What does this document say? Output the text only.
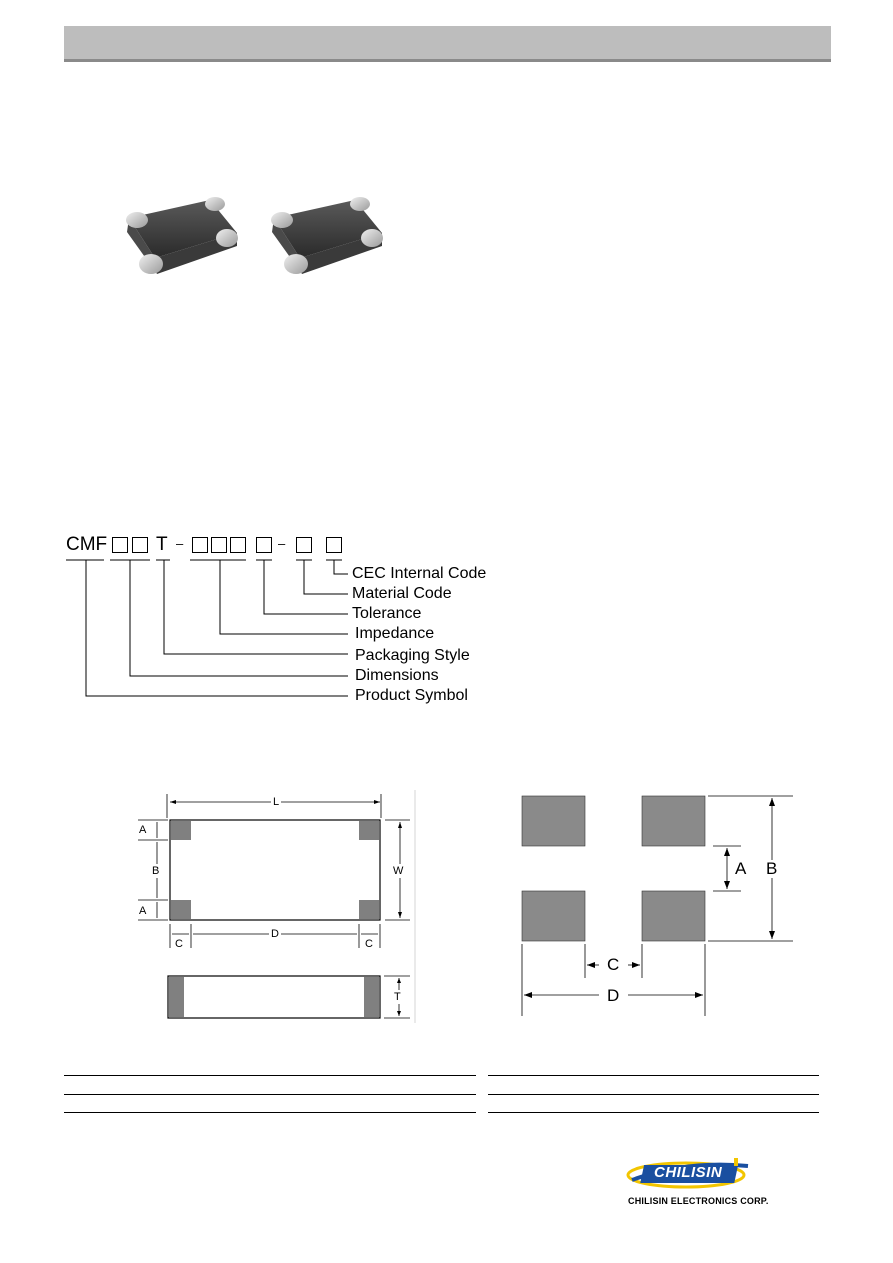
CMF	T –	–
CEC Internal Code
Material Code
Tolerance
Impedance
Packaging Style
Dimensions
Product Symbol
L
W
A
B
A
C
D
C
T
A B
C
D
CHILISIN
CHILISIN ELECTRONICS CORP.
